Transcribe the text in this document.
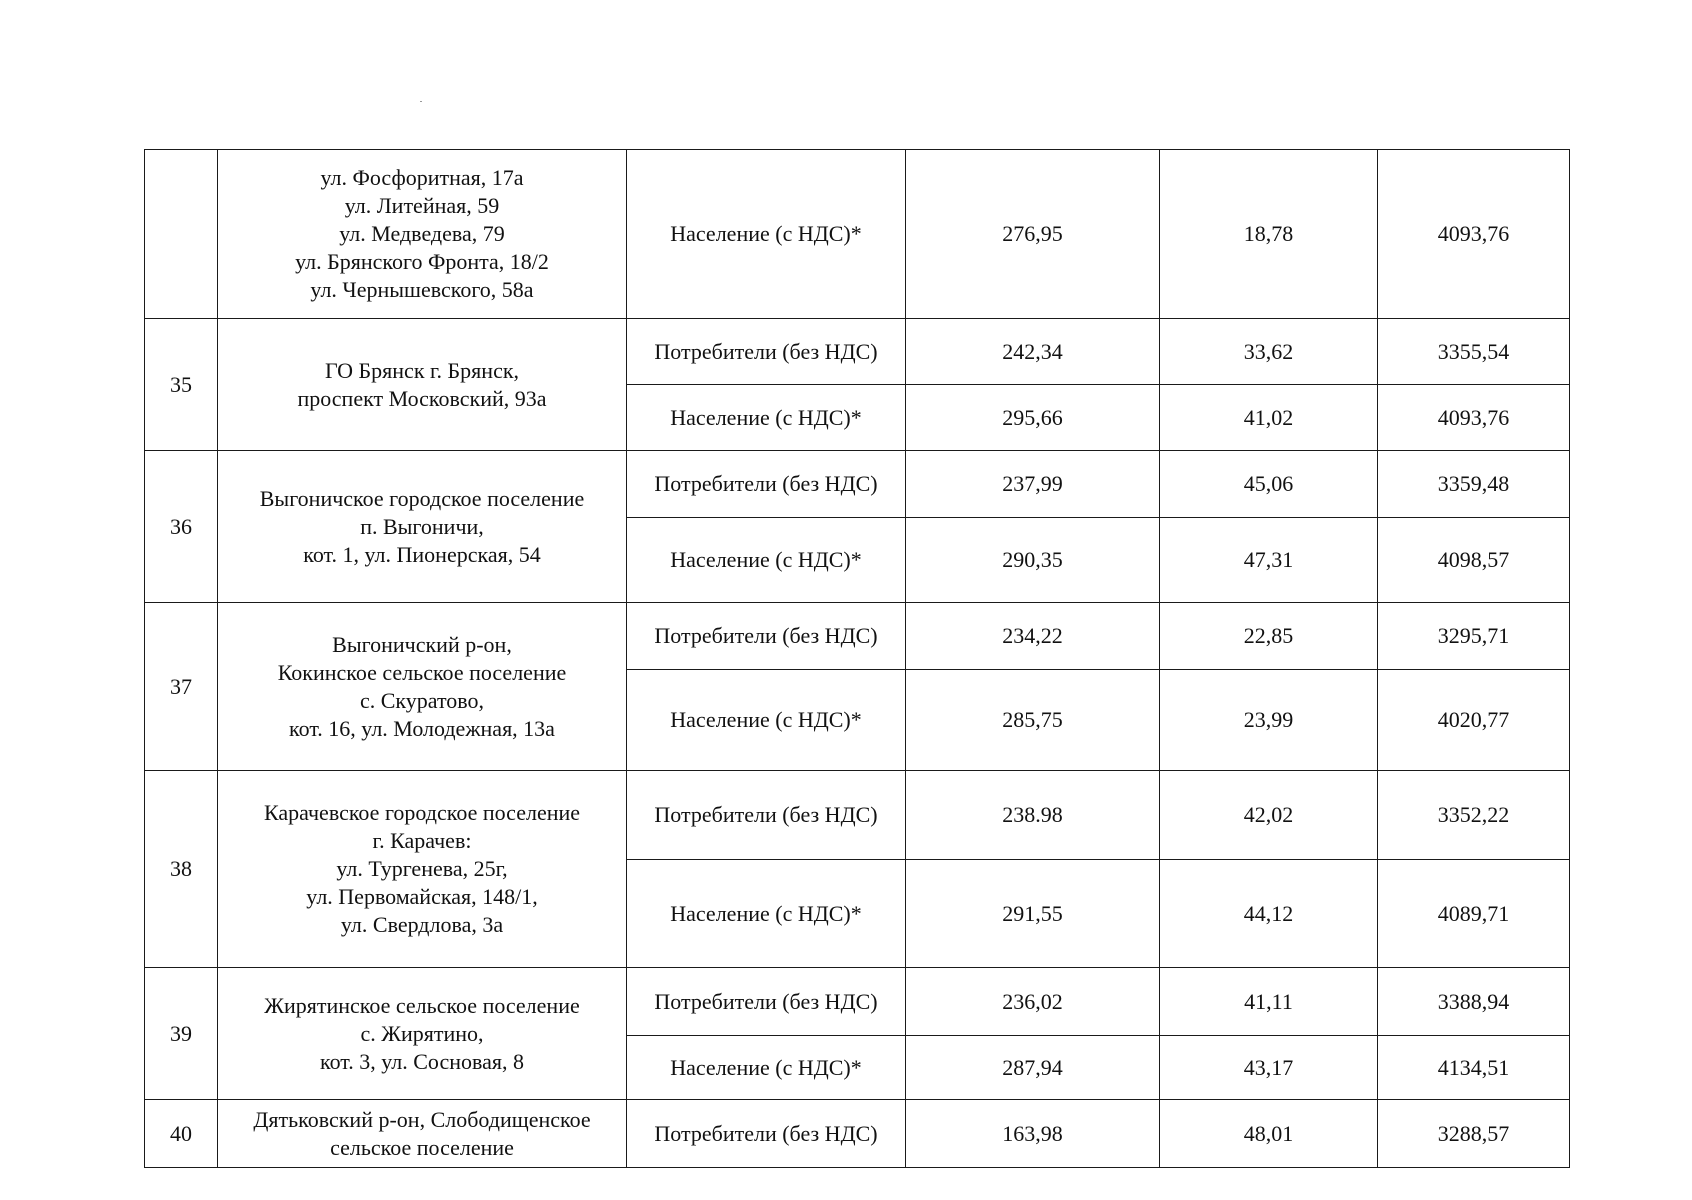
	ул. Фосфоритная, 17а
ул. Литейная, 59
ул. Медведева, 79
ул. Брянского Фронта, 18/2
ул. Чернышевского, 58а	Население (с НДС)*	276,95	18,78	4093,76
35	ГО Брянск г. Брянск,
проспект Московский, 93а	Потребители (без НДС)	242,34	33,62	3355,54
		Население (с НДС)*	295,66	41,02	4093,76
36	Выгоничское городское поселение
п. Выгоничи,
кот. 1, ул. Пионерская, 54	Потребители (без НДС)	237,99	45,06	3359,48
		Население (с НДС)*	290,35	47,31	4098,57
37	Выгоничский р-он,
Кокинское сельское поселение
с. Скуратово,
кот. 16, ул. Молодежная, 13а	Потребители (без НДС)	234,22	22,85	3295,71
		Население (с НДС)*	285,75	23,99	4020,77
38	Карачевское городское поселение
г. Карачев:
ул. Тургенева, 25г,
ул. Первомайская, 148/1,
ул. Свердлова, 3а	Потребители (без НДС)	238.98	42,02	3352,22
		Население (с НДС)*	291,55	44,12	4089,71
39	Жирятинское сельское поселение
с. Жирятино,
кот. 3, ул. Сосновая, 8	Потребители (без НДС)	236,02	41,11	3388,94
		Население (с НДС)*	287,94	43,17	4134,51
40	Дятьковский р-он, Слободищенское
сельское поселение	Потребители (без НДС)	163,98	48,01	3288,57
